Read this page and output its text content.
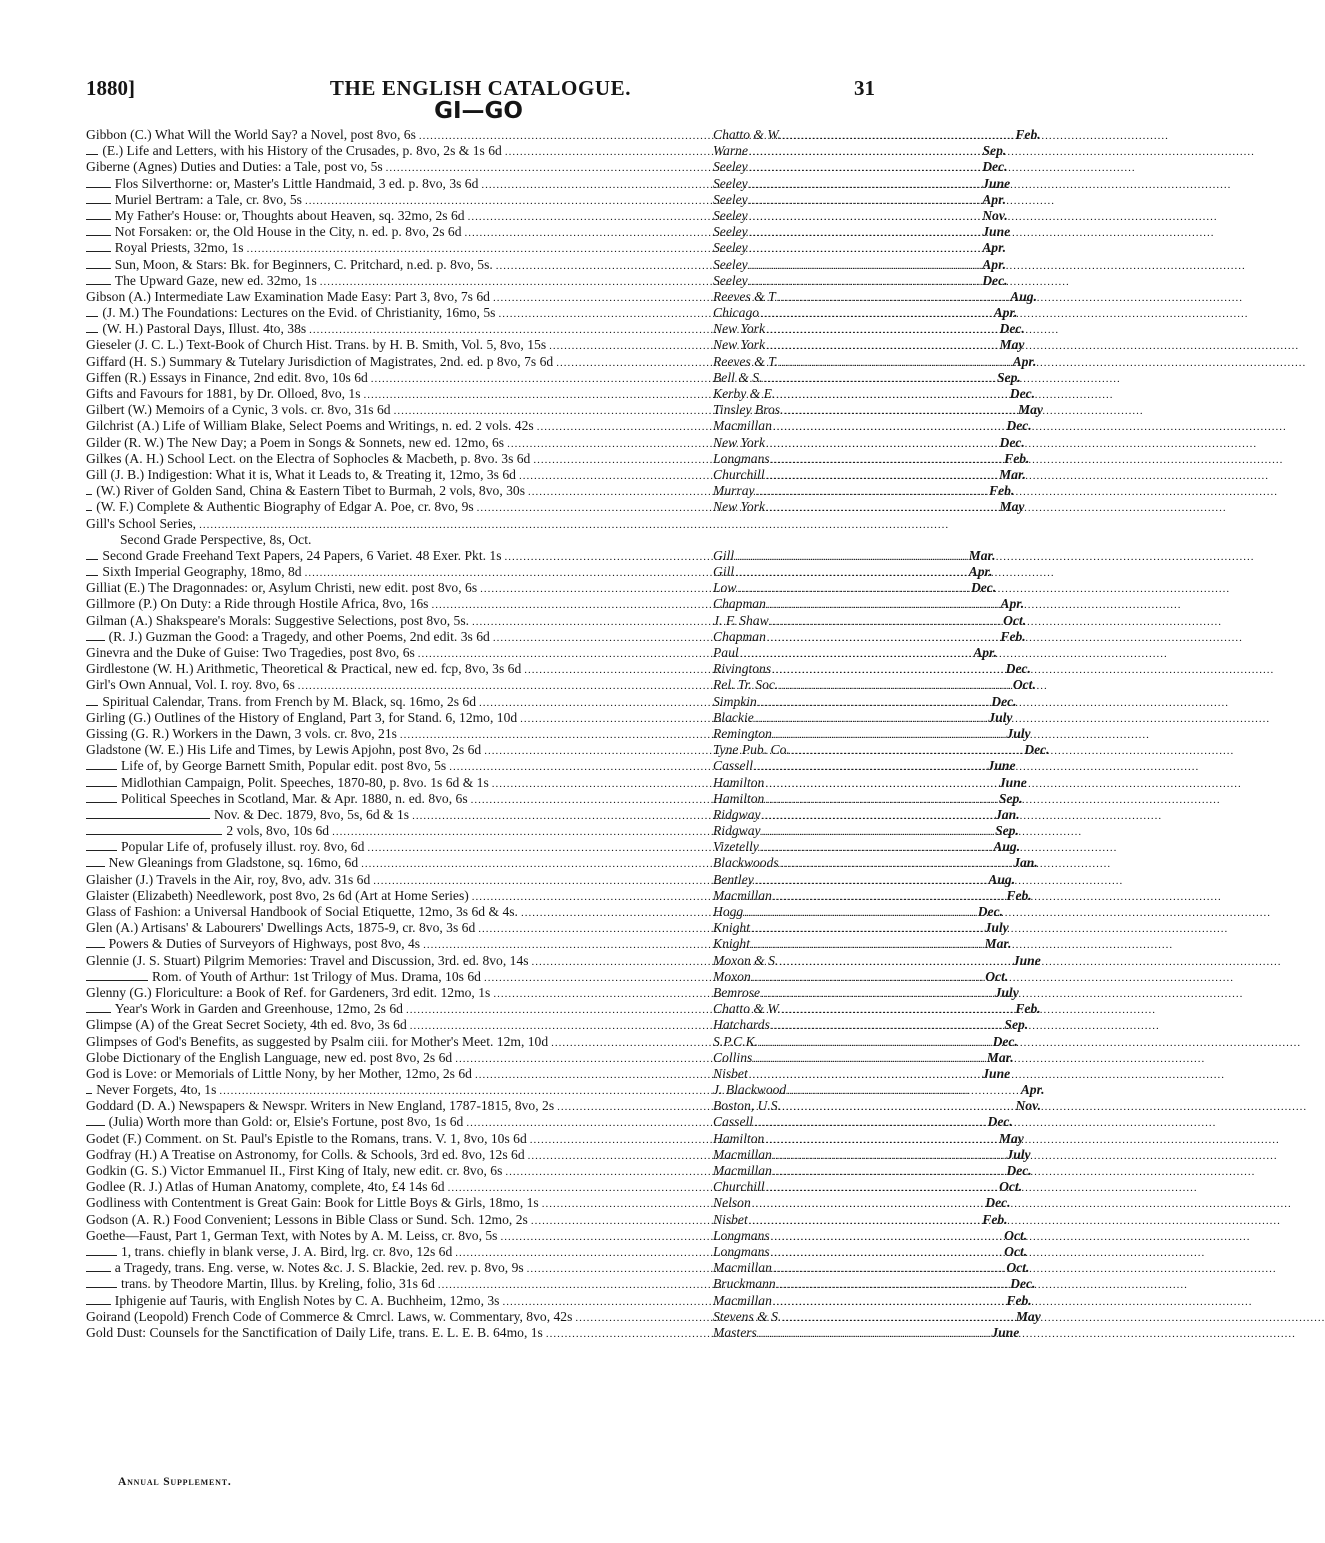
1880]	THE ENGLISH CATALOGUE.	31
GI—GO
Gibbon (C.) What Will the World Say? a Novel, post 8vo, 6s .....	Chatto & W. .....	Feb.
(E.) Life and Letters, with his History of the Crusades, p. 8vo, 2s & 1s 6d .....	Warne .....	Sep.
Giberne (Agnes) Duties and Duties: a Tale, post vo, 5s .....	Seeley .....	Dec.
Flos Silverthorne: or, Master's Little Handmaid, 3 ed. p. 8vo, 3s 6d .....	Seeley .....	June
Muriel Bertram: a Tale, cr. 8vo, 5s .....	Seeley .....	Apr.
My Father's House: or, Thoughts about Heaven, sq. 32mo, 2s 6d .....	Seeley .....	Nov.
Not Forsaken: or, the Old House in the City, n. ed. p. 8vo, 2s 6d .....	Seeley .....	June
Royal Priests, 32mo, 1s .....	Seeley .....	Apr.
Sun, Moon, & Stars: Bk. for Beginners, C. Pritchard, n.ed. p. 8vo, 5s. .....	Seeley .....	Apr.
The Upward Gaze, new ed. 32mo, 1s .....	Seeley .....	Dec.
Gibson (A.) Intermediate Law Examination Made Easy: Part 3, 8vo, 7s 6d .....	Reeves & T .....	Aug.
(J. M.) The Foundations: Lectures on the Evid. of Christianity, 16mo, 5s .....	Chicago .....	Apr.
(W. H.) Pastoral Days, Illust. 4to, 38s .....	New York .....	Dec.
Gieseler (J. C. L.) Text-Book of Church Hist. Trans. by H. B. Smith, Vol. 5, 8vo, 15s .....	New York .....	May
Giffard (H. S.) Summary & Tutelary Jurisdiction of Magistrates, 2nd. ed. p 8vo, 7s 6d .....	Reeves & T. .....	Apr.
Giffen (R.) Essays in Finance, 2nd edit. 8vo, 10s 6d .....	Bell & S. .....	Sep.
Gifts and Favours for 1881, by Dr. Olloed, 8vo, 1s .....	Kerby & E. .....	Dec.
Gilbert (W.) Memoirs of a Cynic, 3 vols. cr. 8vo, 31s 6d .....	Tinsley Bros. .....	May
Gilchrist (A.) Life of William Blake, Select Poems and Writings, n. ed. 2 vols. 42s .....	Macmillan .....	Dec.
Gilder (R. W.) The New Day; a Poem in Songs & Sonnets, new ed. 12mo, 6s .....	New York .....	Dec.
Gilkes (A. H.) School Lect. on the Electra of Sophocles & Macbeth, p. 8vo. 3s 6d .....	Longmans .....	Feb.
Gill (J. B.) Indigestion: What it is, What it Leads to, & Treating it, 12mo, 3s 6d .....	Churchill .....	Mar.
(W.) River of Golden Sand, China & Eastern Tibet to Burmah, 2 vols, 8vo, 30s .....	Murray .....	Feb.
(W. F.) Complete & Authentic Biography of Edgar A. Poe, cr. 8vo, 9s .....	New York .....	May
Gill's School Series,
.....
Second Grade Perspective, 8s, Oct.
Second Grade Freehand Text Papers, 24 Papers, 6 Variet. 48 Exer. Pkt. 1s .....	Gill .....	Mar.
Sixth Imperial Geography, 18mo, 8d .....	Gill .....	Apr.
Gilliat (E.) The Dragonnades: or, Asylum Christi, new edit. post 8vo, 6s .....	Low .....	Dec.
Gillmore (P.) On Duty: a Ride through Hostile Africa, 8vo, 16s .....	Chapman .....	Apr.
Gilman (A.) Shakspeare's Morals: Suggestive Selections, post 8vo, 5s. .....	J. F. Shaw .....	Oct.
(R. J.) Guzman the Good: a Tragedy, and other Poems, 2nd edit. 3s 6d .....	Chapman .....	Feb.
Ginevra and the Duke of Guise: Two Tragedies, post 8vo, 6s .....	Paul .....	Apr.
Girdlestone (W. H.) Arithmetic, Theoretical & Practical, new ed. fcp, 8vo, 3s 6d .....	Rivingtons .....	Dec.
Girl's Own Annual, Vol. I. roy. 8vo, 6s .....	Rel. Tr. Soc. .....	Oct.
Spiritual Calendar, Trans. from French by M. Black, sq. 16mo, 2s 6d .....	Simpkin .....	Dec.
Girling (G.) Outlines of the History of England, Part 3, for Stand. 6, 12mo, 10d .....	Blackie .....	July
Gissing (G. R.) Workers in the Dawn, 3 vols. cr. 8vo, 21s .....	Remington .....	July
Gladstone (W. E.) His Life and Times, by Lewis Apjohn, post 8vo, 2s 6d .....	Tyne Pub. Co. .....	Dec.
Life of, by George Barnett Smith, Popular edit. post 8vo, 5s .....	Cassell .....	June
Midlothian Campaign, Polit. Speeches, 1870-80, p. 8vo. 1s 6d & 1s .....	Hamilton .....	June
Political Speeches in Scotland, Mar. & Apr. 1880, n. ed. 8vo, 6s .....	Hamilton .....	Sep.
Nov. & Dec. 1879, 8vo, 5s, 6d & 1s .....	Ridgway .....	Jan.
2 vols, 8vo, 10s 6d .....	Ridgway .....	Sep.
Popular Life of, profusely illust. roy. 8vo, 6d .....	Vizetelly .....	Aug.
New Gleanings from Gladstone, sq. 16mo, 6d .....	Blackwoods .....	Jan.
Glaisher (J.) Travels in the Air, roy, 8vo, adv. 31s 6d .....	Bentley .....	Aug.
Glaister (Elizabeth) Needlework, post 8vo, 2s 6d (Art at Home Series) .....	Macmillan .....	Feb.
Glass of Fashion: a Universal Handbook of Social Etiquette, 12mo, 3s 6d & 4s. .....	Hogg .....	Dec.
Glen (A.) Artisans' & Labourers' Dwellings Acts, 1875-9, cr. 8vo, 3s 6d .....	Knight .....	July
Powers & Duties of Surveyors of Highways, post 8vo, 4s .....	Knight .....	Mar.
Glennie (J. S. Stuart) Pilgrim Memories: Travel and Discussion, 3rd. ed. 8vo, 14s .....	Moxon & S. .....	June
Rom. of Youth of Arthur: 1st Trilogy of Mus. Drama, 10s 6d .....	Moxon .....	Oct.
Glenny (G.) Floriculture: a Book of Ref. for Gardeners, 3rd edit. 12mo, 1s .....	Bemrose .....	July
Year's Work in Garden and Greenhouse, 12mo, 2s 6d .....	Chatto & W. .....	Feb.
Glimpse (A) of the Great Secret Society, 4th ed. 8vo, 3s 6d .....	Hatchards .....	Sep.
Glimpses of God's Benefits, as suggested by Psalm ciii. for Mother's Meet. 12m, 10d .....	S.P.C.K. .....	Dec.
Globe Dictionary of the English Language, new ed. post 8vo, 2s 6d .....	Collins .....	Mar.
God is Love: or Memorials of Little Nony, by her Mother, 12mo, 2s 6d .....	Nisbet .....	June
Never Forgets, 4to, 1s .....	J. Blackwood .....	Apr.
Goddard (D. A.) Newspapers & Newspr. Writers in New England, 1787-1815, 8vo, 2s .....	Boston, U.S. .....	Nov.
(Julia) Worth more than Gold: or, Elsie's Fortune, post 8vo, 1s 6d .....	Cassell .....	Dec.
Godet (F.) Comment. on St. Paul's Epistle to the Romans, trans. V. 1, 8vo, 10s 6d .....	Hamilton .....	May
Godfray (H.) A Treatise on Astronomy, for Colls. & Schools, 3rd ed. 8vo, 12s 6d .....	Macmillan .....	July
Godkin (G. S.) Victor Emmanuel II., First King of Italy, new edit. cr. 8vo, 6s .....	Macmillan .....	Dec.
Godlee (R. J.) Atlas of Human Anatomy, complete, 4to, £4 14s 6d .....	Churchill .....	Oct.
Godliness with Contentment is Great Gain: Book for Little Boys & Girls, 18mo, 1s .....	Nelson .....	Dec.
Godson (A. R.) Food Convenient; Lessons in Bible Class or Sund. Sch. 12mo, 2s .....	Nisbet .....	Feb.
Goethe—Faust, Part 1, German Text, with Notes by A. M. Leiss, cr. 8vo, 5s .....	Longmans .....	Oct.
1, trans. chiefly in blank verse, J. A. Bird, lrg. cr. 8vo, 12s 6d .....	Longmans .....	Oct.
a Tragedy, trans. Eng. verse, w. Notes &c. J. S. Blackie, 2ed. rev. p. 8vo, 9s .....	Macmillan .....	Oct.
trans. by Theodore Martin, Illus. by Kreling, folio, 31s 6d .....	Bruckmann .....	Dec.
Iphigenie auf Tauris, with English Notes by C. A. Buchheim, 12mo, 3s .....	Macmillan .....	Feb.
Goirand (Leopold) French Code of Commerce & Cmrcl. Laws, w. Commentary, 8vo, 42s .....	Stevens & S. .....	May
Gold Dust: Counsels for the Sanctification of Daily Life, trans. E. L. E. B. 64mo, 1s .....	Masters .....	June
Annual Supplement.
